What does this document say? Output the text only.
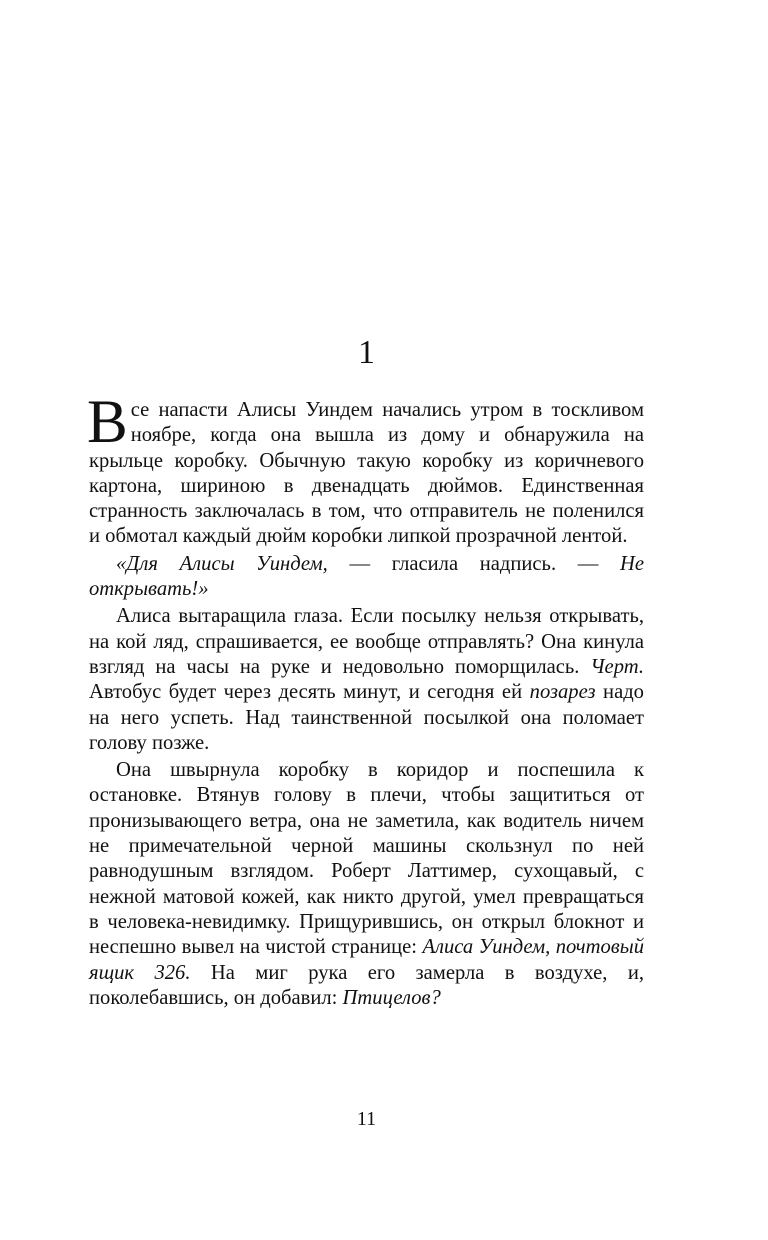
1

Все напасти Алисы Уиндем начались утром в тоскливом ноябре, когда она вышла из дому и обнаружила на крыльце коробку. Обычную такую коробку из коричневого картона, шириною в двенадцать дюймов. Единственная странность заключалась в том, что отправитель не поленился и обмотал каждый дюйм коробки липкой прозрачной лентой.

«Для Алисы Уиндем, — гласила надпись. — Не открывать!»

Алиса вытаращила глаза. Если посылку нельзя открывать, на кой ляд, спрашивается, ее вообще отправлять? Она кинула взгляд на часы на руке и недовольно поморщилась. Черт. Автобус будет через десять минут, и сегодня ей позарез надо на него успеть. Над таинственной посылкой она поломает голову позже.

Она швырнула коробку в коридор и поспешила к остановке. Втянув голову в плечи, чтобы защититься от пронизывающего ветра, она не заметила, как водитель ничем не примечательной черной машины скользнул по ней равнодушным взглядом. Роберт Латтимер, сухощавый, с нежной матовой кожей, как никто другой, умел превращаться в человека-невидимку. Прищурившись, он открыл блокнот и неспешно вывел на чистой странице: Алиса Уиндем, почтовый ящик 326. На миг рука его замерла в воздухе, и, поколебавшись, он добавил: Птицелов?

11
